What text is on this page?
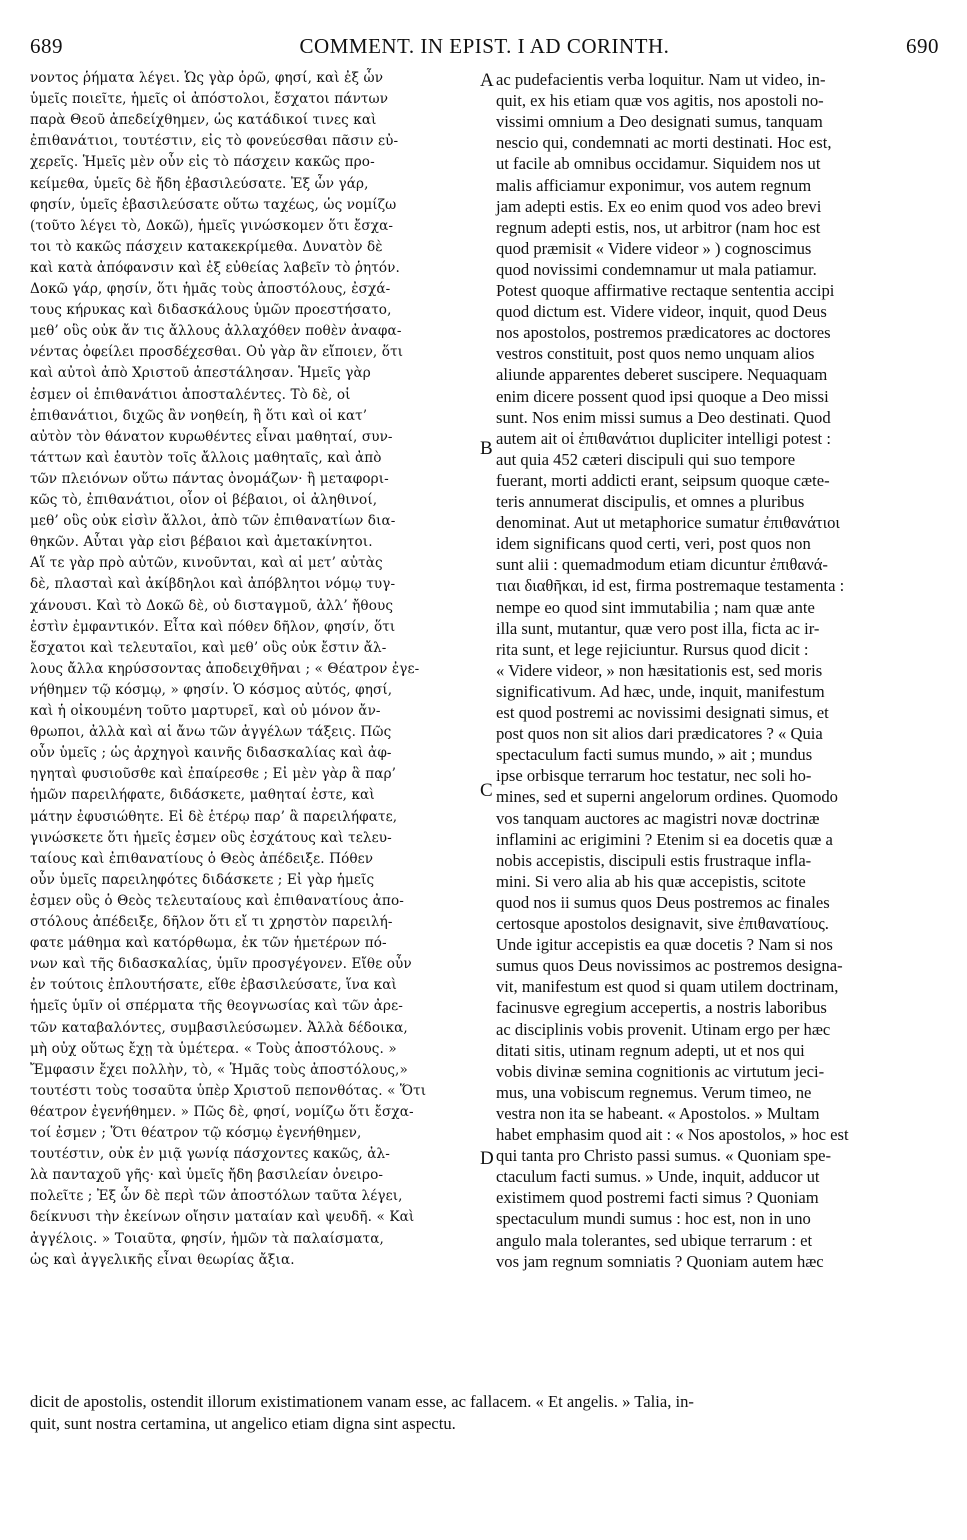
689	COMMENT. IN EPIST. I AD CORINTH.	690
νοντος ῥήματα λέγει. Ὡς γὰρ ὁρῶ, φησί, καὶ ἐξ ὧν
ὑμεῖς ποιεῖτε, ἡμεῖς οἱ ἀπόστολοι, ἔσχατοι πάντων
παρὰ Θεοῦ ἀπεδείχθημεν, ὡς κατάδικοί τινες καὶ
ἐπιθανάτιοι, τουτέστιν, εἰς τὸ φονεύεσθαι πᾶσιν εὐ-
χερεῖς. Ἡμεῖς μὲν οὖν εἰς τὸ πάσχειν κακῶς προ-
κείμεθα, ὑμεῖς δὲ ἤδη ἐβασιλεύσατε. Ἐξ ὧν γάρ,
φησίν, ὑμεῖς ἐβασιλεύσατε οὕτω ταχέως, ὡς νομίζω
(τοῦτο λέγει τὸ, Δοκῶ), ἡμεῖς γινώσκομεν ὅτι ἔσχα-
τοι τὸ κακῶς πάσχειν κατακεκρίμεθα. Δυνατὸν δὲ
καὶ κατὰ ἀπόφανσιν καὶ ἐξ εὐθείας λαβεῖν τὸ ῥητόν.
Δοκῶ γάρ, φησίν, ὅτι ἡμᾶς τοὺς ἀποστόλους, ἐσχά-
τους κήρυκας καὶ διδασκάλους ὑμῶν προεστήσατο,
μεθ’ οὓς οὐκ ἄν τις ἄλλους ἀλλαχόθεν ποθὲν ἀναφα-
νέντας ὀφείλει προσδέχεσθαι. Οὐ γὰρ ἂν εἴποιεν, ὅτι
καὶ αὐτοὶ ἀπὸ Χριστοῦ ἀπεστάλησαν. Ἡμεῖς γὰρ
ἐσμεν οἱ ἐπιθανάτιοι ἀποσταλέντες. Τὸ δὲ, οἱ
ἐπιθανάτιοι, διχῶς ἂν νοηθείη, ἢ ὅτι καὶ οἱ κατ’
αὐτὸν τὸν θάνατον κυρωθέντες εἶναι μαθηταί, συν-
τάττων καὶ ἑαυτὸν τοῖς ἄλλοις μαθηταῖς, καὶ ἀπὸ
τῶν πλειόνων οὕτω πάντας ὀνομάζων· ἢ μεταφορι-
κῶς τὸ, ἐπιθανάτιοι, οἷον οἱ βέβαιοι, οἱ ἀληθινοί,
μεθ’ οὓς οὐκ εἰσὶν ἄλλοι, ἀπὸ τῶν ἐπιθανατίων δια-
θηκῶν. Αὗται γὰρ εἰσι βέβαιοι καὶ ἀμετακίνητοι.
Αἵ τε γὰρ πρὸ αὐτῶν, κινοῦνται, καὶ αἱ μετ’ αὐτὰς
δὲ, πλασταὶ καὶ ἀκίβδηλοι καὶ ἀπόβλητοι νόμῳ τυγ-
χάνουσι. Καὶ τὸ Δοκῶ δὲ, οὐ δισταγμοῦ, ἀλλ’ ἤθους
ἐστὶν ἐμφαντικόν. Εἶτα καὶ πόθεν δῆλον, φησίν, ὅτι
ἔσχατοι καὶ τελευταῖοι, καὶ μεθ’ οὓς οὐκ ἔστιν ἄλ-
λους ἄλλα κηρύσσοντας ἀποδειχθῆναι ; « Θέατρον ἐγε-
νήθημεν τῷ κόσμῳ, » φησίν. Ὁ κόσμος αὐτός, φησί,
καὶ ἡ οἰκουμένη τοῦτο μαρτυρεῖ, καὶ οὐ μόνον ἄν-
θρωποι, ἀλλὰ καὶ αἱ ἄνω τῶν ἀγγέλων τάξεις. Πῶς
οὖν ὑμεῖς ; ὡς ἀρχηγοὶ καινῆς διδασκαλίας καὶ ἀφ-
ηγηταὶ φυσιοῦσθε καὶ ἐπαίρεσθε ; Εἰ μὲν γὰρ ἃ παρ’
ἡμῶν παρειλήφατε, διδάσκετε, μαθηταί ἐστε, καὶ
μάτην ἐφυσιώθητε. Εἰ δὲ ἑτέρῳ παρ’ ἃ παρειλήφατε,
γινώσκετε ὅτι ἡμεῖς ἐσμεν οὓς ἐσχάτους καὶ τελευ-
ταίους καὶ ἐπιθανατίους ὁ Θεὸς ἀπέδειξε. Πόθεν
οὖν ὑμεῖς παρειληφότες διδάσκετε ; Εἰ γὰρ ἡμεῖς
ἐσμεν οὓς ὁ Θεὸς τελευταίους καὶ ἐπιθανατίους ἀπο-
στόλους ἀπέδειξε, δῆλον ὅτι εἴ τι χρηστὸν παρειλή-
φατε μάθημα καὶ κατόρθωμα, ἐκ τῶν ἡμετέρων πό-
νων καὶ τῆς διδασκαλίας, ὑμῖν προσγέγονεν. Εἴθε οὖν
ἐν τούτοις ἐπλουτήσατε, εἴθε ἐβασιλεύσατε, ἵνα καὶ
ἡμεῖς ὑμῖν οἱ σπέρματα τῆς θεογνωσίας καὶ τῶν ἀρε-
τῶν καταβαλόντες, συμβασιλεύσωμεν. Ἀλλὰ δέδοικα,
μὴ οὐχ οὕτως ἔχῃ τὰ ὑμέτερα. « Τοὺς ἀποστόλους. »
Ἔμφασιν ἔχει πολλὴν, τὸ, « Ἡμᾶς τοὺς ἀποστόλους,»
τουτέστι τοὺς τοσαῦτα ὑπὲρ Χριστοῦ πεπονθότας. « Ὅτι
θέατρον ἐγενήθημεν. » Πῶς δὲ, φησί, νομίζω ὅτι ἔσχα-
τοί ἐσμεν ; Ὅτι θέατρον τῷ κόσμῳ ἐγενήθημεν,
τουτέστιν, οὐκ ἐν μιᾷ γωνίᾳ πάσχοντες κακῶς, ἀλ-
λὰ πανταχοῦ γῆς· καὶ ὑμεῖς ἤδη βασιλείαν ὀνειρο-
πολεῖτε ; Ἐξ ὧν δὲ περὶ τῶν ἀποστόλων ταῦτα λέγει,
δείκνυσι τὴν ἐκείνων οἴησιν ματαίαν καὶ ψευδῆ. « Καὶ
ἀγγέλοις. » Τοιαῦτα, φησίν, ἡμῶν τὰ παλαίσματα,
ὡς καὶ ἀγγελικῆς εἶναι θεωρίας ἄξια.
ac pudefacientis verba loquitur. Nam ut video, in-
quit, ex his etiam quæ vos agitis, nos apostoli no-
vissimi omnium a Deo designati sumus, tanquam
nescio qui, condemnati ac morti destinati. Hoc est,
ut facile ab omnibus occidamur. Siquidem nos ut
malis afficiamur exponimur, vos autem regnum
jam adepti estis. Ex eo enim quod vos adeo brevi
regnum adepti estis, nos, ut arbitror (nam hoc est
quod præmisit « Videre videor » ) cognoscimus
quod novissimi condemnamur ut mala patiamur.
Potest quoque affirmative rectaque sententia accipi
quod dictum est. Videre videor, inquit, quod Deus
nos apostolos, postremos prædicatores ac doctores
vestros constituit, post quos nemo unquam alios
aliunde apparentes deberet suscipere. Nequaquam
enim dicere possent quod ipsi quoque a Deo missi
sunt. Nos enim missi sumus a Deo destinati. Quod
autem ait οἱ ἐπιθανάτιοι dupliciter intelligi potest :
aut quia 452 cæteri discipuli qui suo tempore
fuerant, morti addicti erant, seipsum quoque cæte-
teris annumerat discipulis, et omnes a pluribus
denominat. Aut ut metaphorice sumatur ἐπιθανάτιοι
idem significans quod certi, veri, post quos non
sunt alii : quemadmodum etiam dicuntur ἐπιθανά-
τιαι διαθῆκαι, id est, firma postremaque testamenta :
nempe eo quod sint immutabilia ; nam quæ ante
illa sunt, mutantur, quæ vero post illa, ficta ac ir-
rita sunt, et lege rejiciuntur. Rursus quod dicit :
« Videre videor, » non hæsitationis est, sed moris
significativum. Ad hæc, unde, inquit, manifestum
est quod postremi ac novissimi designati simus, et
post quos non sit alios dari prædicatores ? « Quia
spectaculum facti sumus mundo, » ait ; mundus
ipse orbisque terrarum hoc testatur, nec soli ho-
mines, sed et superni angelorum ordines. Quomodo
vos tanquam auctores ac magistri novæ doctrinæ
inflamini ac erigimini ? Etenim si ea docetis quæ a
nobis accepistis, discipuli estis frustraque infla-
mini. Si vero alia ab his quæ accepistis, scitote
quod nos ii sumus quos Deus postremos ac finales
certosque apostolos designavit, sive ἐπιθανατίους.
Unde igitur accepistis ea quæ docetis ? Nam si nos
sumus quos Deus novissimos ac postremos designa-
vit, manifestum est quod si quam utilem doctrinam,
facinusve egregium accepertis, a nostris laboribus
ac disciplinis vobis provenit. Utinam ergo per hæc
ditati sitis, utinam regnum adepti, ut et nos qui
vobis divinæ semina cognitionis ac virtutum jeci-
mus, una vobiscum regnemus. Verum timeo, ne
vestra non ita se habeant. « Apostolos. » Multam
habet emphasim quod ait : « Nos apostolos, » hoc est
qui tanta pro Christo passi sumus. « Quoniam spe-
ctaculum facti sumus. » Unde, inquit, adducor ut
existimem quod postremi facti simus ? Quoniam
spectaculum mundi sumus : hoc est, non in uno
angulo mala tolerantes, sed ubique terrarum : et
vos jam regnum somniatis ? Quoniam autem hæc
A
B
C
D
dicit de apostolis, ostendit illorum existimationem vanam esse, ac fallacem. « Et angelis. » Talia, in-
quit, sunt nostra certamina, ut angelico etiam digna sint aspectu.
